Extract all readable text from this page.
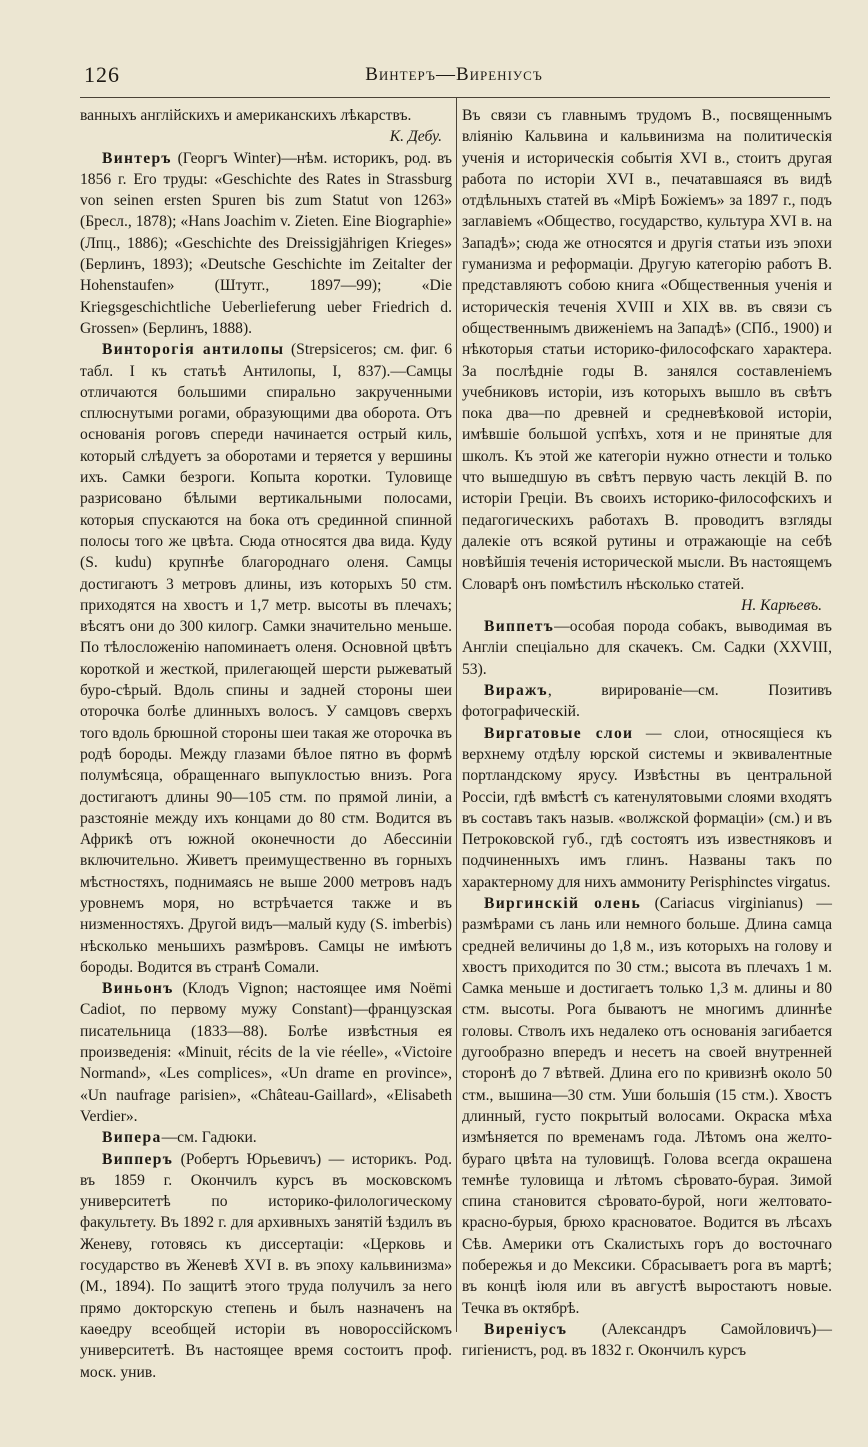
126	Винтеръ—Виренiусъ

ванныхъ англійскихъ и американскихъ лѣкарствъ.

К. Дебу.

Винтеръ (Георгъ Winter)—нѣм. историкъ, род. въ 1856 г. Его труды: «Geschichte des Rates in Strassburg von seinen ersten Spuren bis zum Statut von 1263» (Бресл., 1878); «Hans Joachim v. Zieten. Eine Biographie» (Лпц., 1886); «Geschichte des Dreissigjährigen Krieges» (Берлинъ, 1893); «Deutsche Geschichte im Zeitalter der Hohenstaufen» (Штутг., 1897—99); «Die Kriegsgeschichtliche Ueberlieferung ueber Friedrich d. Grossen» (Берлинъ, 1888).

Винторогія антилопы (Strepsiceros; см. фиг. 6 табл. I къ статьѣ Антилопы, I, 837).—Самцы отличаются большими спирально закрученными сплюснутыми рогами, образующими два оборота. Отъ основанія роговъ спереди начинается острый киль, который слѣдуетъ за оборотами и теряется у вершины ихъ. Самки безроги. Копыта коротки. Туловище разрисовано бѣлыми вертикальными полосами, которыя спускаются на бока отъ срединной спинной полосы того же цвѣта. Сюда относятся два вида. Куду (S. kudu) крупнѣе благороднаго оленя. Самцы достигаютъ 3 метровъ длины, изъ которыхъ 50 стм. приходятся на хвостъ и 1,7 метр. высоты въ плечахъ; вѣсятъ они до 300 килогр. Самки значительно меньше. По тѣлосложенію напоминаетъ оленя. Основной цвѣтъ короткой и жесткой, прилегающей шерсти рыжеватый буро-сѣрый. Вдоль спины и задней стороны шеи оторочка болѣе длинныхъ волосъ. У самцовъ сверхъ того вдоль брюшной стороны шеи такая же оторочка въ родѣ бороды. Между глазами бѣлое пятно въ формѣ полумѣсяца, обращеннаго выпуклостью внизъ. Рога достигаютъ длины 90—105 стм. по прямой линіи, а разстояніе между ихъ концами до 80 стм. Водится въ Африкѣ отъ южной оконечности до Абессиніи включительно. Живетъ преимущественно въ горныхъ мѣстностяхъ, поднимаясь не выше 2000 метровъ надъ уровнемъ моря, но встрѣчается также и въ низменностяхъ. Другой видъ—малый куду (S. imberbis) нѣсколько меньшихъ размѣровъ. Самцы не имѣютъ бороды. Водится въ странѣ Сомали.

Виньонъ (Клодъ Vignon; настоящее имя Noëmi Cadiot, по первому мужу Constant)—французская писательница (1833—88). Болѣе извѣстныя ея произведенія: «Minuit, récits de la vie réelle», «Victoire Normand», «Les complices», «Un drame en province», «Un naufrage parisien», «Château-Gaillard», «Elisabeth Verdier».

Випера—см. Гадюки.

Випперъ (Робертъ Юрьевичъ) — историкъ. Род. въ 1859 г. Окончилъ курсъ въ московскомъ университетѣ по историко-филологическому факультету. Въ 1892 г. для архивныхъ занятій ѣздилъ въ Женеву, готовясь къ диссертаціи: «Церковь и государство въ Женевѣ XVI в. въ эпоху кальвинизма» (М., 1894). По защитѣ этого труда получилъ за него прямо докторскую степень и былъ назначенъ на каѳедру всеобщей исторіи въ новороссійскомъ университетѣ. Въ настоящее время состоитъ проф. моск. унив.

Въ связи съ главнымъ трудомъ В., посвященнымъ вліянію Кальвина и кальвинизма на политическія ученія и историческія событія XVI в., стоитъ другая работа по исторіи XVI в., печатавшаяся въ видѣ отдѣльныхъ статей въ «Мірѣ Божіемъ» за 1897 г., подъ заглавіемъ «Общество, государство, культура XVI в. на Западѣ»; сюда же относятся и другія статьи изъ эпохи гуманизма и реформаціи. Другую категорію работъ В. представляютъ собою книга «Общественныя ученія и историческія теченія XVIII и XIX вв. въ связи съ общественнымъ движеніемъ на Западѣ» (СПб., 1900) и нѣкоторыя статьи историко-философскаго характера. За послѣдніе годы В. занялся составленіемъ учебниковъ исторіи, изъ которыхъ вышло въ свѣтъ пока два—по древней и средневѣковой исторіи, имѣвшіе большой успѣхъ, хотя и не принятые для школъ. Къ этой же категоріи нужно отнести и только что вышедшую въ свѣтъ первую часть лекцій В. по исторіи Греціи. Въ своихъ историко-философскихъ и педагогическихъ работахъ В. проводитъ взгляды далекіе отъ всякой рутины и отражающіе на себѣ новѣйшія теченія исторической мысли. Въ настоящемъ Словарѣ онъ помѣстилъ нѣсколько статей.

Н. Карѣевъ.

Виппетъ—особая порода собакъ, выводимая въ Англіи спеціально для скачекъ. См. Садки (XXVIII, 53).

Виражъ, вирированіе—см. Позитивъ фотографическій.

Виргатовые слои — слои, относящіеся къ верхнему отдѣлу юрской системы и эквивалентные портландскому ярусу. Извѣстны въ центральной Россіи, гдѣ вмѣстѣ съ катенулятовыми слоями входятъ въ составъ такъ назыв. «волжской формаціи» (см.) и въ Петроковской губ., гдѣ состоятъ изъ известняковъ и подчиненныхъ имъ глинъ. Названы такъ по характерному для нихъ аммониту Perisphinctes virgatus.

Виргинскій олень (Cariacus virginianus) — размѣрами съ лань или немного больше. Длина самца средней величины до 1,8 м., изъ которыхъ на голову и хвостъ приходится по 30 стм.; высота въ плечахъ 1 м. Самка меньше и достигаетъ только 1,3 м. длины и 80 стм. высоты. Рога бываютъ не многимъ длиннѣе головы. Стволъ ихъ недалеко отъ основанія загибается дугообразно впередъ и несетъ на своей внутренней сторонѣ до 7 вѣтвей. Длина его по кривизнѣ около 50 стм., вышина—30 стм. Уши большія (15 стм.). Хвостъ длинный, густо покрытый волосами. Окраска мѣха измѣняется по временамъ года. Лѣтомъ она желто-бураго цвѣта на туловищѣ. Голова всегда окрашена темнѣе туловища и лѣтомъ сѣровато-бурая. Зимой спина становится сѣровато-бурой, ноги желтовато-красно-бурыя, брюхо красноватое. Водится въ лѣсахъ Сѣв. Америки отъ Скалистыхъ горъ до восточнаго побережья и до Мексики. Сбрасываетъ рога въ мартѣ; въ концѣ іюля или въ августѣ выростаютъ новые. Течка въ октябрѣ.

Виренiусъ (Александръ Самойловичъ)—гигіенистъ, род. въ 1832 г. Окончилъ курсъ
